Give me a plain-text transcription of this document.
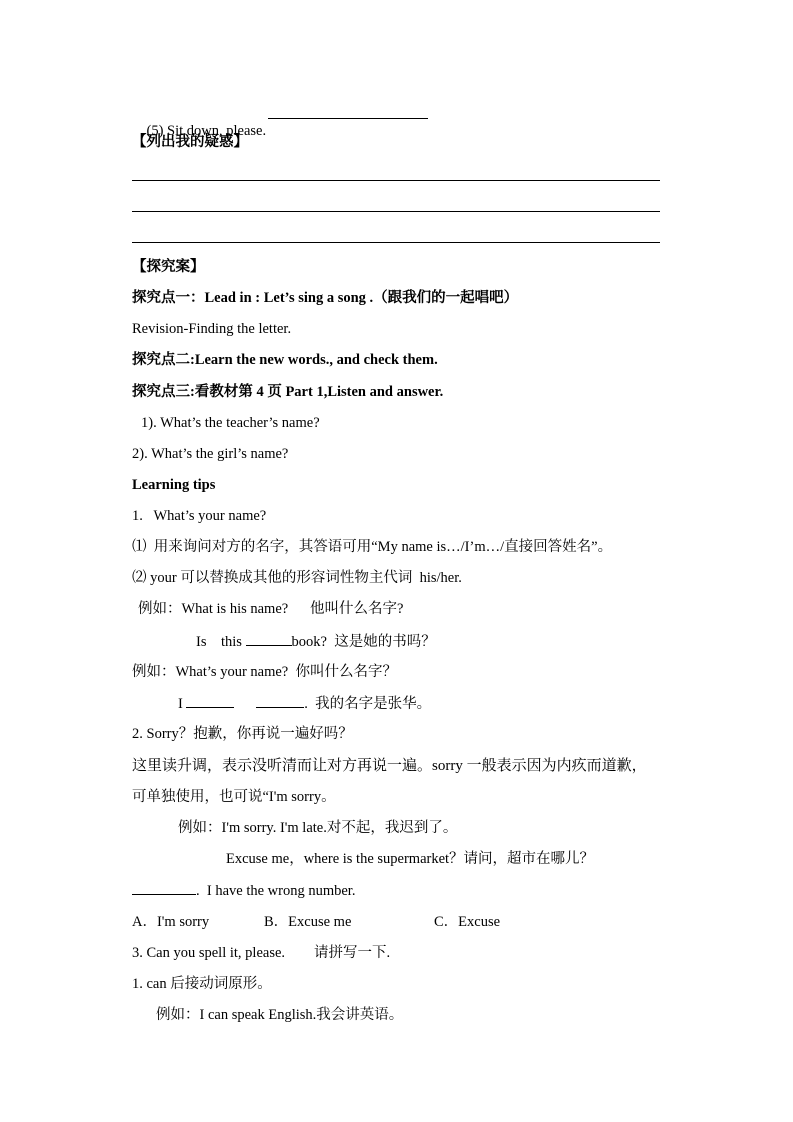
(5) Sit down, please.

【列出我的疑惑】
【探究案】
探究点一：Lead in : Let’s sing a song .（跟我们的一起唱吧）
Revision-Finding the letter.
探究点二:Learn the new words., and check them.
探究点三:看教材第 4 页 Part 1,Listen and answer.
1). What’s the teacher’s name?
2). What’s the girl’s name?
Learning tips
1.   What’s your name?
⑴  用来询问对方的名字，其答语可用“My name is…/I’m…/直接回答姓名”。
⑵ your 可以替换成其他的形容词性物主代词  his/her.
例如：What is his name?      他叫什么名字?
Is    this	book?  这是她的书吗？
例如：What’s your name?  你叫什么名字？
I	.  我的名字是张华。
2. Sorry？抱歉，你再说一遍好吗？
这里读升调，表示没听清而让对方再说一遍。sorry 一般表示因为内疚而道歉，
可单独使用，也可说“I'm sorry。
例如：I'm sorry. I'm late.对不起，我迟到了。
Excuse me，where is the supermarket？请问，超市在哪儿？
.  I have the wrong number.
A．I'm sorry	B．Excuse me	C．Excuse
3. Can you spell it, please.        请拼写一下.
1. can 后接动词原形。
例如：I can speak English.我会讲英语。
